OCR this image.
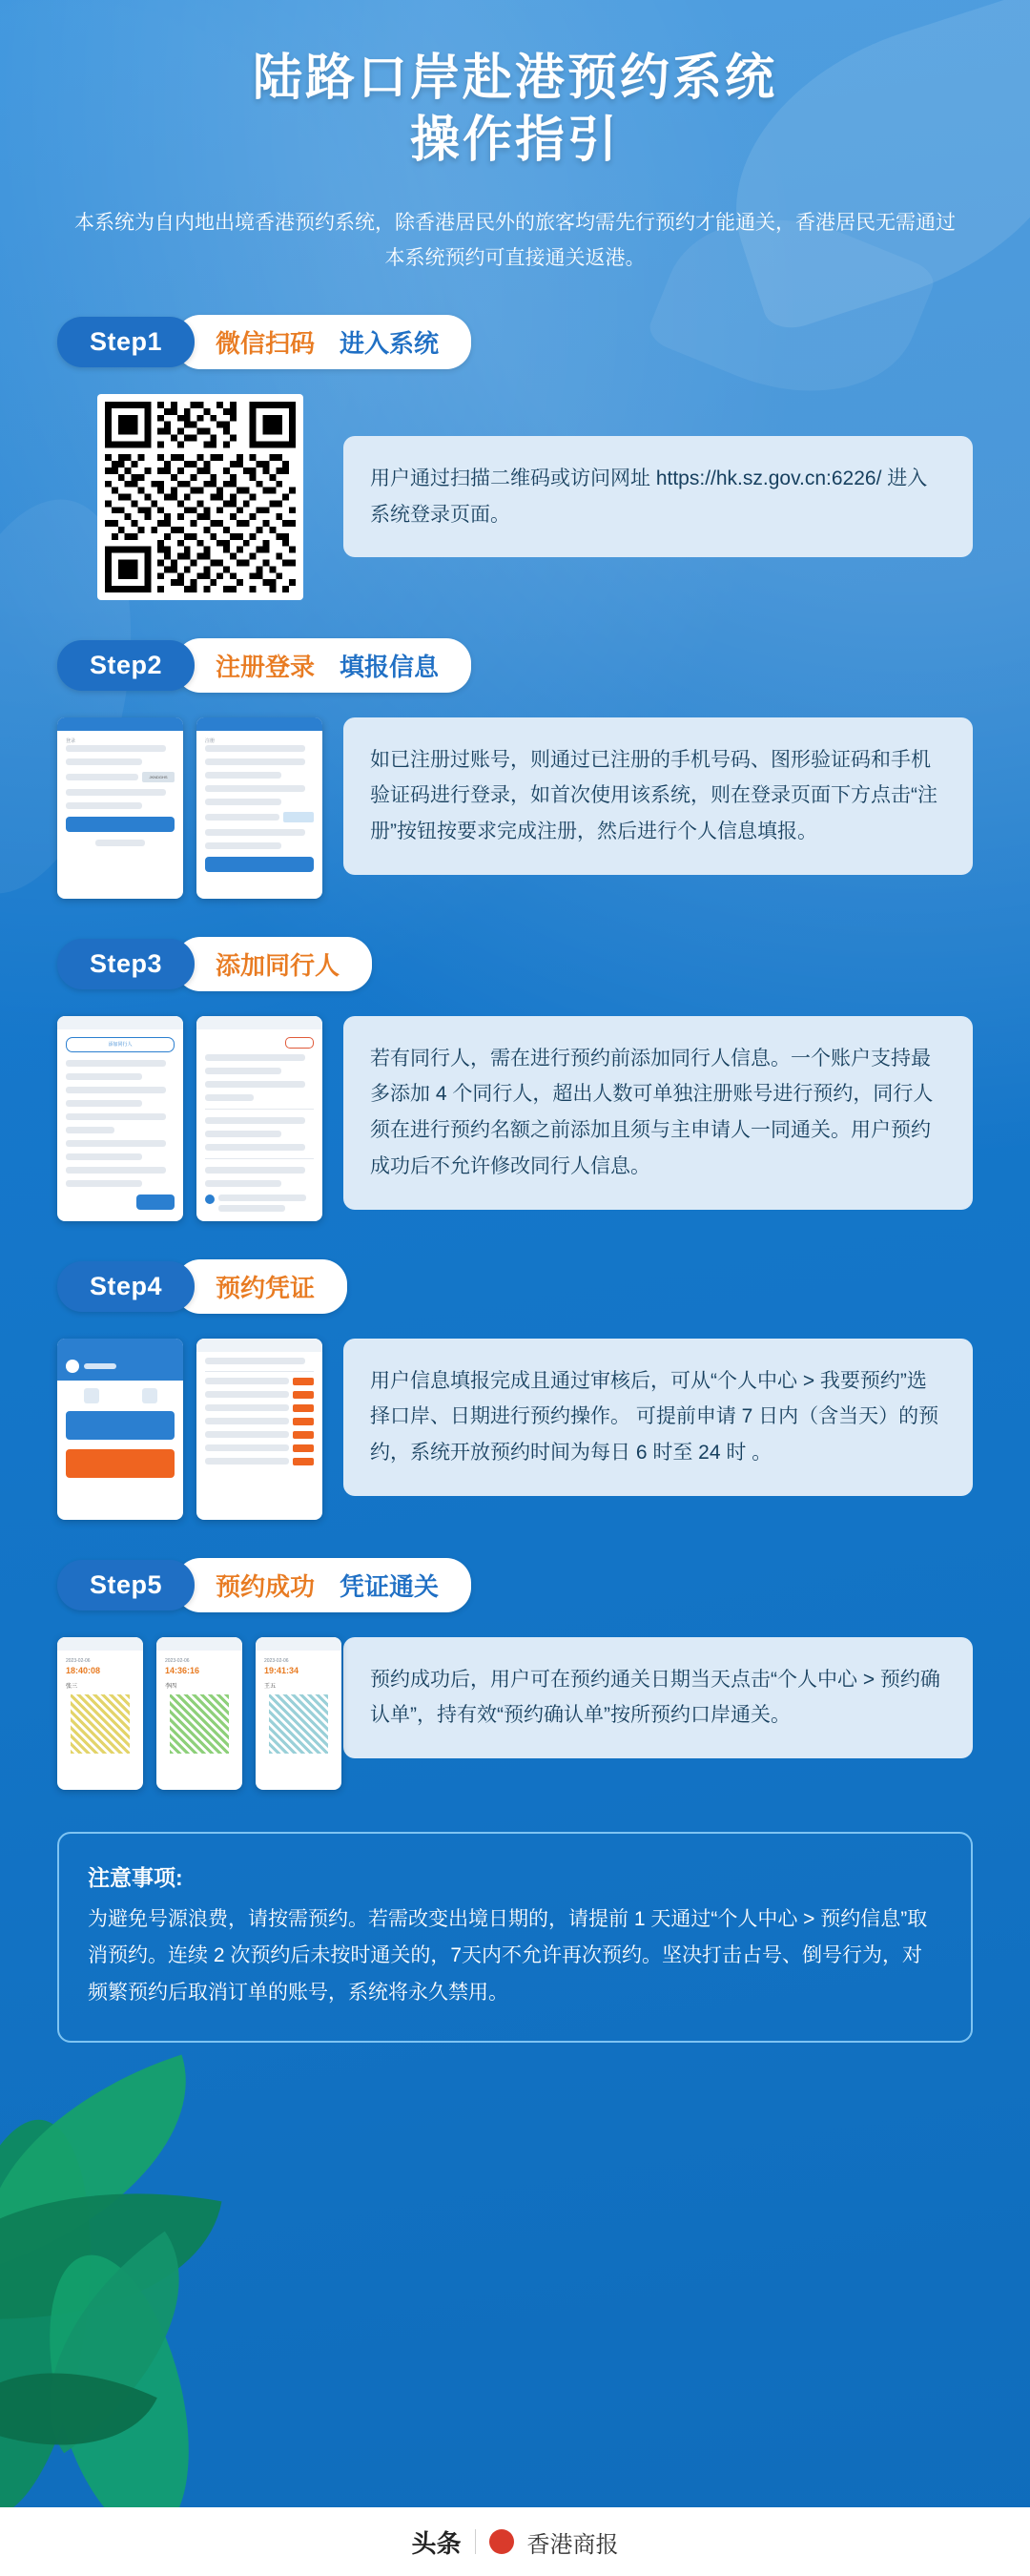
陆路口岸赴港预约系统
操作指引
本系统为自内地出境香港预约系统，除香港居民外的旅客均需先行预约才能通关，香港居民无需通过本系统预约可直接通关返港。
Step1	微信扫码 进入系统
用户通过扫描二维码或访问网址 https://hk.sz.gov.cn:6226/ 进入系统登录页面。
Step2	注册登录 填报信息
登录
JKNDGHS
注册
如已注册过账号，则通过已注册的手机号码、图形验证码和手机验证码进行登录，如首次使用该系统，则在登录页面下方点击“注册”按钮按要求完成注册，然后进行个人信息填报。
Step3	添加同行人
添加同行人
若有同行人，需在进行预约前添加同行人信息。一个账户支持最多添加 4 个同行人，超出人数可单独注册账号进行预约，同行人须在进行预约名额之前添加且须与主申请人一同通关。用户预约成功后不允许修改同行人信息。
Step4	预约凭证
用户信息填报完成且通过审核后，可从“个人中心 > 我要预约”选择口岸、日期进行预约操作。 可提前申请 7 日内（含当天）的预约，系统开放预约时间为每日 6 时至 24 时 。
Step5	预约成功 凭证通关
2023-02-06
18:40:08
张三
2023-02-06
14:36:16
李四
2023-02-06
19:41:34
王五	预约成功后，用户可在预约通关日期当天点击“个人中心 > 预约确认单”，持有效“预约确认单”按所预约口岸通关。
注意事项:

为避免号源浪费，请按需预约。若需改变出境日期的，请提前 1 天通过“个人中心 > 预约信息”取消预约。连续 2 次预约后未按时通关的，7天内不允许再次预约。坚决打击占号、倒号行为，对频繁预约后取消订单的账号，系统将永久禁用。

头条	香港商报
